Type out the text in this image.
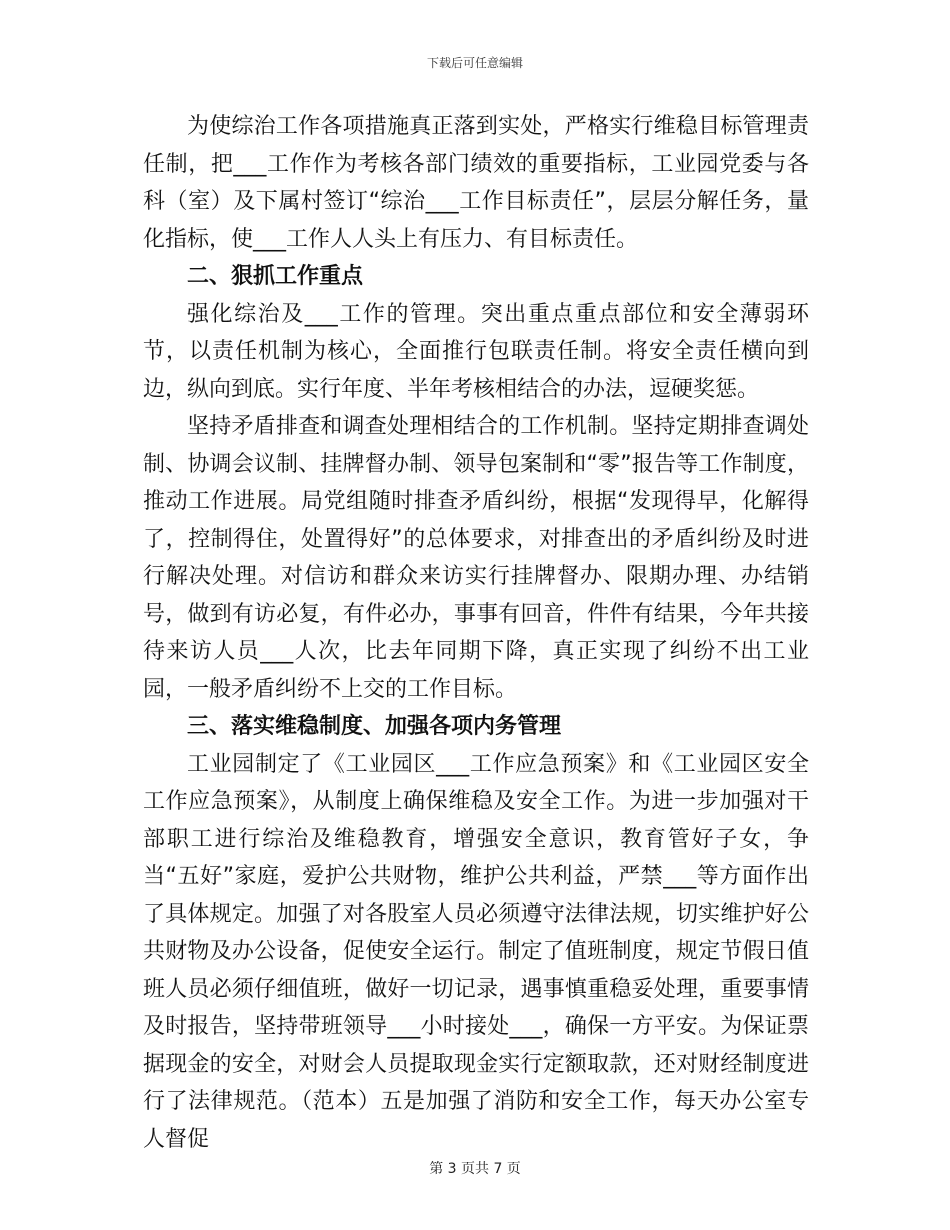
下载后可任意编辑

为使综治工作各项措施真正落到实处，严格实行维稳目标管理责任制，把___工作作为考核各部门绩效的重要指标，工业园党委与各科（室）及下属村签订“综治___工作目标责任”，层层分解任务，量化指标，使___工作人人头上有压力、有目标责任。

二、狠抓工作重点

强化综治及___工作的管理。突出重点重点部位和安全薄弱环节，以责任机制为核心，全面推行包联责任制。将安全责任横向到边，纵向到底。实行年度、半年考核相结合的办法，逗硬奖惩。

坚持矛盾排查和调查处理相结合的工作机制。坚持定期排查调处制、协调会议制、挂牌督办制、领导包案制和“零”报告等工作制度，推动工作进展。局党组随时排查矛盾纠纷，根据“发现得早，化解得了，控制得住，处置得好”的总体要求，对排查出的矛盾纠纷及时进行解决处理。对信访和群众来访实行挂牌督办、限期办理、办结销号，做到有访必复，有件必办，事事有回音，件件有结果，今年共接待来访人员___人次，比去年同期下降，真正实现了纠纷不出工业园，一般矛盾纠纷不上交的工作目标。

三、落实维稳制度、加强各项内务管理

工业园制定了《工业园区___工作应急预案》和《工业园区安全工作应急预案》，从制度上确保维稳及安全工作。为进一步加强对干部职工进行综治及维稳教育，增强安全意识，教育管好子女，争当“五好”家庭，爱护公共财物，维护公共利益，严禁___等方面作出了具体规定。加强了对各股室人员必须遵守法律法规，切实维护好公共财物及办公设备，促使安全运行。制定了值班制度，规定节假日值班人员必须仔细值班，做好一切记录，遇事慎重稳妥处理，重要事情及时报告，坚持带班领导___小时接处___，确保一方平安。为保证票据现金的安全，对财会人员提取现金实行定额取款，还对财经制度进行了法律规范。（范本）五是加强了消防和安全工作，每天办公室专人督促

第 3 页共 7 页
